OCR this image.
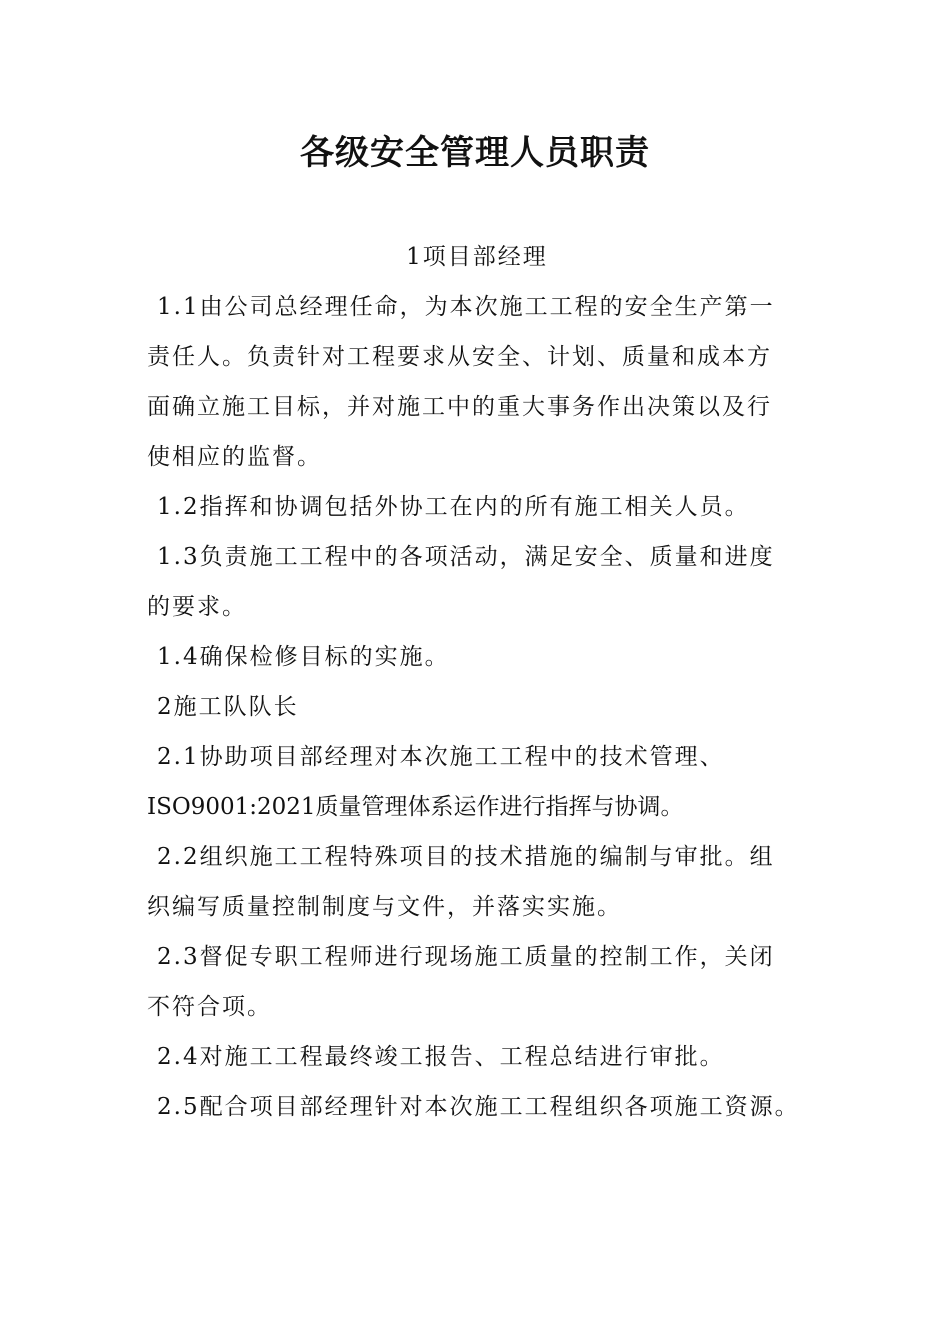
各级安全管理人员职责

1项目部经理

1.1由公司总经理任命，为本次施工工程的安全生产第一

责任人。负责针对工程要求从安全、计划、质量和成本方

面确立施工目标，并对施工中的重大事务作出决策以及行

使相应的监督。

1.2指挥和协调包括外协工在内的所有施工相关人员。

1.3负责施工工程中的各项活动，满足安全、质量和进度

的要求。

1.4确保检修目标的实施。

2施工队队长

2.1协助项目部经理对本次施工工程中的技术管理、

ISO9001:2021质量管理体系运作进行指挥与协调。

2.2组织施工工程特殊项目的技术措施的编制与审批。组

织编写质量控制制度与文件，并落实实施。

2.3督促专职工程师进行现场施工质量的控制工作，关闭

不符合项。

2.4对施工工程最终竣工报告、工程总结进行审批。

2.5配合项目部经理针对本次施工工程组织各项施工资源。
